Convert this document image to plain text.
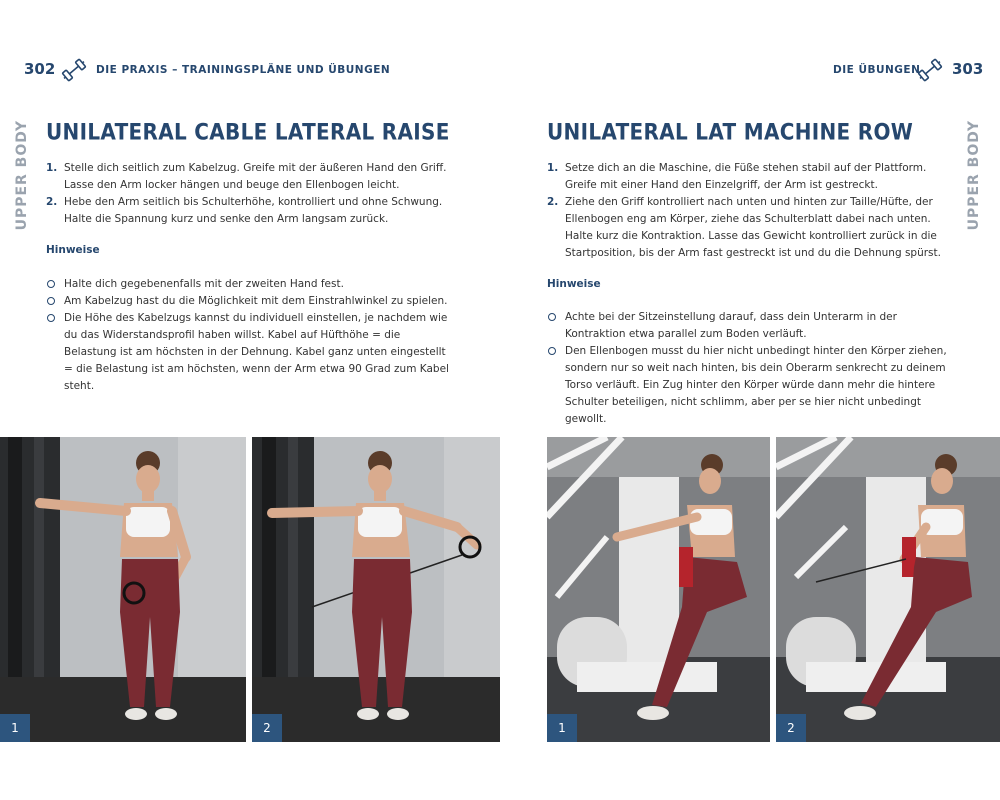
302	DIE PRAXIS – TRAININGSPLÄNE UND ÜBUNGEN
UPPER BODY UNILATERAL CABLE LATERAL RAISE
1. Stelle dich seitlich zum Kabelzug. Greife mit der äußeren Hand den Griff. Lasse den Arm locker hängen und beuge den Ellenbogen leicht.
2. Hebe den Arm seitlich bis Schulterhöhe, kontrolliert und ohne Schwung. Halte die Spannung kurz und senke den Arm langsam zurück.
Hinweise
Halte dich gegebenenfalls mit der zweiten Hand fest.
Am Kabelzug hast du die Möglichkeit mit dem Einstrahlwinkel zu spielen.
Die Höhe des Kabelzugs kannst du individuell einstellen, je nachdem wie du das Widerstandsprofil haben willst. Kabel auf Hüfthöhe = die Belastung ist am höchsten in der Dehnung. Kabel ganz unten eingestellt = die Belastung ist am höchsten, wenn der Arm etwa 90 Grad zum Kabel steht.
1	2
DIE ÜBUNGEN 303
UPPER BODY
UNILATERAL LAT MACHINE ROW
1. Setze dich an die Maschine, die Füße stehen stabil auf der Plattform. Greife mit einer Hand den Einzelgriff, der Arm ist gestreckt.
2. Ziehe den Griff kontrolliert nach unten und hinten zur Taille/Hüfte, der Ellenbogen eng am Körper, ziehe das Schulterblatt dabei nach unten. Halte kurz die Kontraktion. Lasse das Gewicht kontrolliert zurück in die Startposition, bis der Arm fast gestreckt ist und du die Dehnung spürst.
Hinweise
Achte bei der Sitzeinstellung darauf, dass dein Unterarm in der Kontraktion etwa parallel zum Boden verläuft.
Den Ellenbogen musst du hier nicht unbedingt hinter den Körper ziehen, sondern nur so weit nach hinten, bis dein Oberarm senkrecht zu deinem Torso verläuft. Ein Zug hinter den Körper würde dann mehr die hintere Schulter beteiligen, nicht schlimm, aber per se hier nicht unbedingt gewollt.
1	2
